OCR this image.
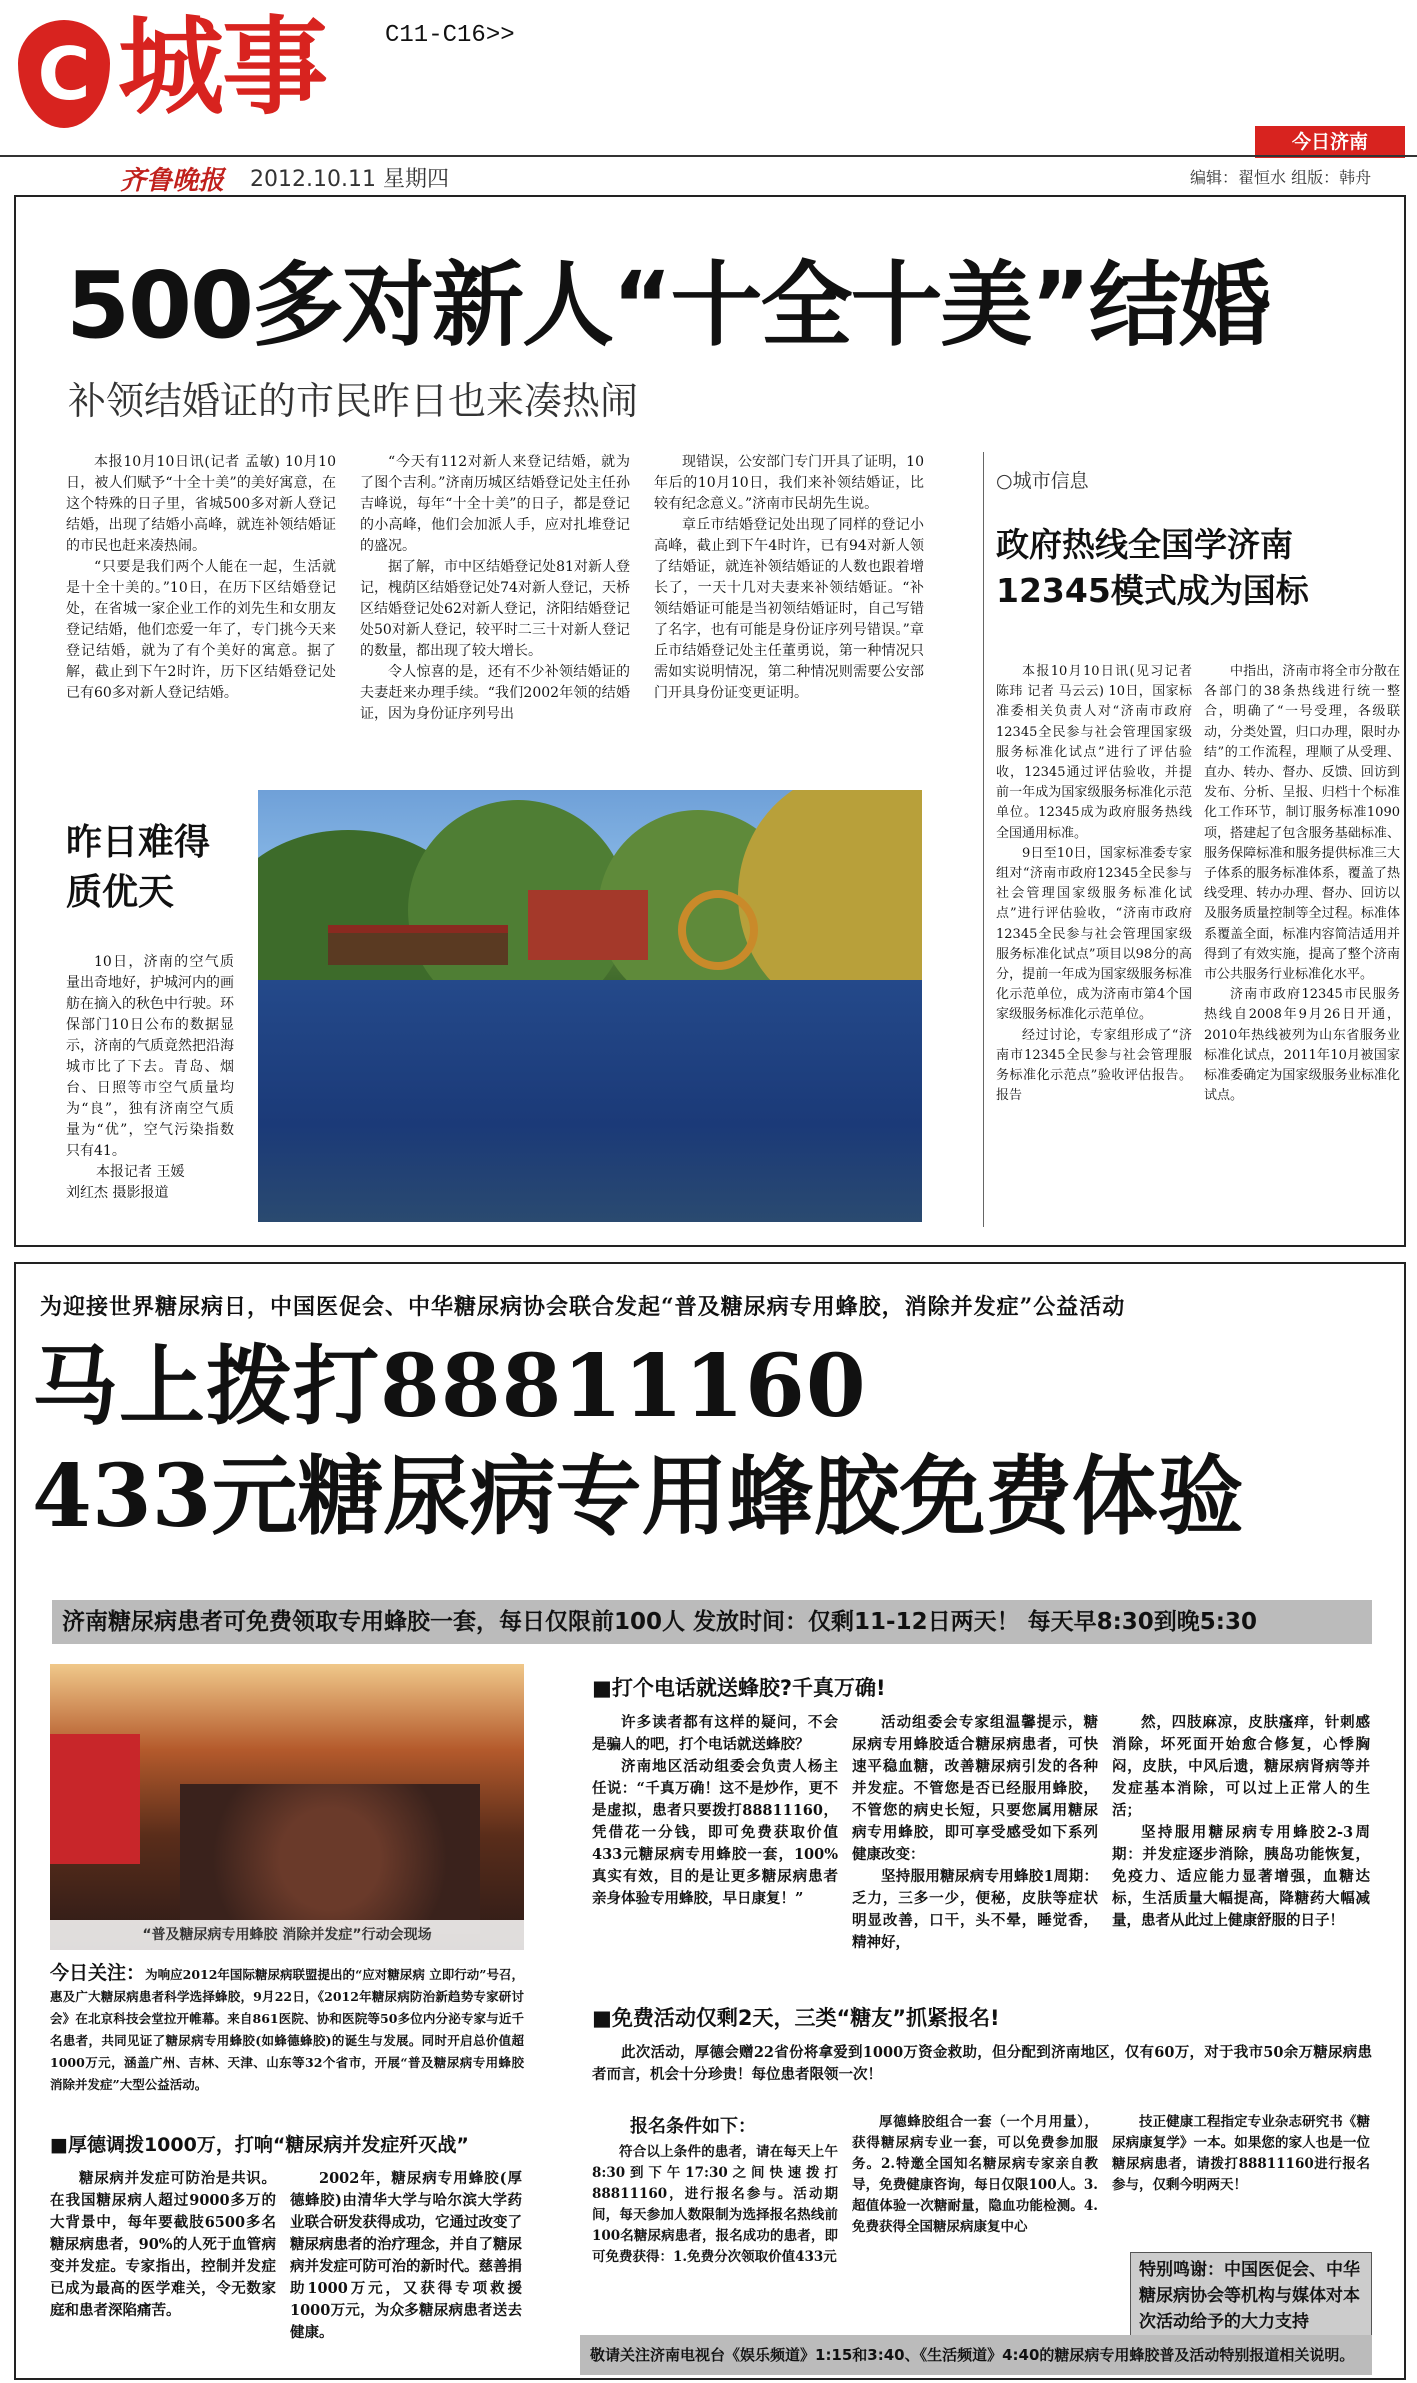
C 城事 C11-C16>>
今日济南
齐鲁晚报 2012.10.11 星期四	编辑：翟恒水 组版：韩舟
500多对新人“十全十美”结婚
补领结婚证的市民昨日也来凑热闹

本报10月10日讯(记者 孟敏) 10月10日，被人们赋予“十全十美”的美好寓意，在这个特殊的日子里，省城500多对新人登记结婚，出现了结婚小高峰，就连补领结婚证的市民也赶来凑热闹。

“只要是我们两个人能在一起，生活就是十全十美的。”10日，在历下区结婚登记处，在省城一家企业工作的刘先生和女朋友登记结婚，他们恋爱一年了，专门挑今天来登记结婚，就为了有个美好的寓意。据了解，截止到下午2时许，历下区结婚登记处已有60多对新人登记结婚。

“今天有112对新人来登记结婚，就为了图个吉利。”济南历城区结婚登记处主任孙吉峰说，每年“十全十美”的日子，都是登记的小高峰，他们会加派人手，应对扎堆登记的盛况。

据了解，市中区结婚登记处81对新人登记，槐荫区结婚登记处74对新人登记，天桥区结婚登记处62对新人登记，济阳结婚登记处50对新人登记，较平时二三十对新人登记的数量，都出现了较大增长。

令人惊喜的是，还有不少补领结婚证的夫妻赶来办理手续。“我们2002年领的结婚证，因为身份证序列号出

现错误，公安部门专门开具了证明，10年后的10月10日，我们来补领结婚证，比较有纪念意义。”济南市民胡先生说。

章丘市结婚登记处出现了同样的登记小高峰，截止到下午4时许，已有94对新人领了结婚证，就连补领结婚证的人数也跟着增长了，一天十几对夫妻来补领结婚证。“补领结婚证可能是当初领结婚证时，自己写错了名字，也有可能是身份证序列号错误。”章丘市结婚登记处主任董勇说，第一种情况只需如实说明情况，第二种情况则需要公安部门开具身份证变更证明。

昨日难得
质优天

10日，济南的空气质量出奇地好，护城河内的画舫在摘入的秋色中行驶。环保部门10日公布的数据显示，济南的气质竟然把沿海城市比了下去。青岛、烟台、日照等市空气质量均为“良”，独有济南空气质量为“优”，空气污染指数只有41。

本报记者 王媛
刘红杰 摄影报道
○城市信息
政府热线全国学济南
12345模式成为国标

本报10月10日讯(见习记者 陈玮 记者 马云云) 10日，国家标准委相关负责人对“济南市政府12345全民参与社会管理国家级服务标准化试点”进行了评估验收，12345通过评估验收，并提前一年成为国家级服务标准化示范单位。12345成为政府服务热线全国通用标准。

9日至10日，国家标准委专家组对“济南市政府12345全民参与社会管理国家级服务标准化试点”进行评估验收，“济南市政府12345全民参与社会管理国家级服务标准化试点”项目以98分的高分，提前一年成为国家级服务标准化示范单位，成为济南市第4个国家级服务标准化示范单位。

经过讨论，专家组形成了“济南市12345全民参与社会管理服务标准化示范点”验收评估报告。报告

中指出，济南市将全市分散在各部门的38条热线进行统一整合，明确了“一号受理，各级联动，分类处置，归口办理，限时办结”的工作流程，理顺了从受理、直办、转办、督办、反馈、回访到发布、分析、呈报、归档十个标准化工作环节，制订服务标准1090项，搭建起了包含服务基础标准、服务保障标准和服务提供标准三大子体系的服务标准体系，覆盖了热线受理、转办办理、督办、回访以及服务质量控制等全过程。标准体系覆盖全面，标准内容简洁适用并得到了有效实施，提高了整个济南市公共服务行业标准化水平。

济南市政府12345市民服务热线自2008年9月26日开通，2010年热线被列为山东省服务业标准化试点，2011年10月被国家标准委确定为国家级服务业标准化试点。

为迎接世界糖尿病日，中国医促会、中华糖尿病协会联合发起“普及糖尿病专用蜂胶，消除并发症”公益活动
马上拨打88811160
433元糖尿病专用蜂胶免费体验
济南糖尿病患者可免费领取专用蜂胶一套，每日仅限前100人 发放时间：仅剩11-12日两天！ 每天早8:30到晚5:30
“普及糖尿病专用蜂胶 消除并发症”行动会现场
今日关注：为响应2012年国际糖尿病联盟提出的“应对糖尿病 立即行动”号召，惠及广大糖尿病患者科学选择蜂胶，9月22日，《2012年糖尿病防治新趋势专家研讨会》在北京科技会堂拉开帷幕。来自861医院、协和医院等50多位内分泌专家与近千名患者，共同见证了糖尿病专用蜂胶(如蜂德蜂胶)的诞生与发展。同时开启总价值超1000万元，涵盖广州、吉林、天津、山东等32个省市，开展“普及糖尿病专用蜂胶 消除并发症”大型公益活动。
■厚德调拨1000万，打响“糖尿病并发症歼灭战”

糖尿病并发症可防治是共识。在我国糖尿病人超过9000多万的大背景中，每年要截肢6500多名糖尿病患者，90%的人死于血管病变并发症。专家指出，控制并发症已成为最高的医学难关，令无数家庭和患者深陷痛苦。

2002年，糖尿病专用蜂胶(厚德蜂胶)由清华大学与哈尔滨大学药业联合研发获得成功，它通过改变了糖尿病患者的治疗理念，并自了糖尿病并发症可防可治的新时代。慈善捐助1000万元，又获得专项救援1000万元，为众多糖尿病患者送去健康。

■打个电话就送蜂胶?千真万确!

许多读者都有这样的疑问，不会是骗人的吧，打个电话就送蜂胶？

济南地区活动组委会负责人杨主任说：“千真万确！这不是炒作，更不是虚拟，患者只要拨打88811160，凭借花一分钱，即可免费获取价值433元糖尿病专用蜂胶一套，100%真实有效，目的是让更多糖尿病患者亲身体验专用蜂胶，早日康复！”

活动组委会专家组温馨提示，糖尿病专用蜂胶适合糖尿病患者，可快速平稳血糖，改善糖尿病引发的各种并发症。不管您是否已经服用蜂胶，不管您的病史长短，只要您属用糖尿病专用蜂胶，即可享受感受如下系列健康改变：

坚持服用糖尿病专用蜂胶1周期：乏力，三多一少，便秘，皮肤等症状明显改善，口干，头不晕，睡觉香，精神好，

然，四肢麻凉，皮肤瘙痒，针刺感消除，坏死面开始愈合修复，心悸胸闷，皮肤，中风后遗，糖尿病肾病等并发症基本消除，可以过上正常人的生活；

坚持服用糖尿病专用蜂胶2-3周期：并发症逐步消除，胰岛功能恢复，免疫力、适应能力显著增强，血糖达标，生活质量大幅提高，降糖药大幅减量，患者从此过上健康舒服的日子！

■免费活动仅剩2天，三类“糖友”抓紧报名!

此次活动，厚德会赠22省份将拿爱到1000万资金救助，但分配到济南地区，仅有60万，对于我市50余万糖尿病患者而言，机会十分珍贵！每位患者限领一次！

报名条件如下：

符合以上条件的患者，请在每天上午8:30到下午17:30之间快速拨打88811160，进行报名参与。活动期间，每天参加人数限制为选择报名热线前100名糖尿病患者，报名成功的患者，即可免费获得：1.免费分次领取价值433元

厚德蜂胶组合一套（一个月用量），获得糖尿病专业一套，可以免费参加服务。2.特邀全国知名糖尿病专家亲自教导，免费健康咨询，每日仅限100人。3.超值体验一次糖耐量，隐血功能检测。4.免费获得全国糖尿病康复中心

技正健康工程指定专业杂志研究书《糖尿病康复学》一本。如果您的家人也是一位糖尿病患者，请拨打88811160进行报名参与，仅剩今明两天！

特别鸣谢：中国医促会、中华糖尿病协会等机构与媒体对本次活动给予的大力支持
敬请关注济南电视台《娱乐频道》1:15和3:40、《生活频道》4:40的糖尿病专用蜂胶普及活动特别报道相关说明。
